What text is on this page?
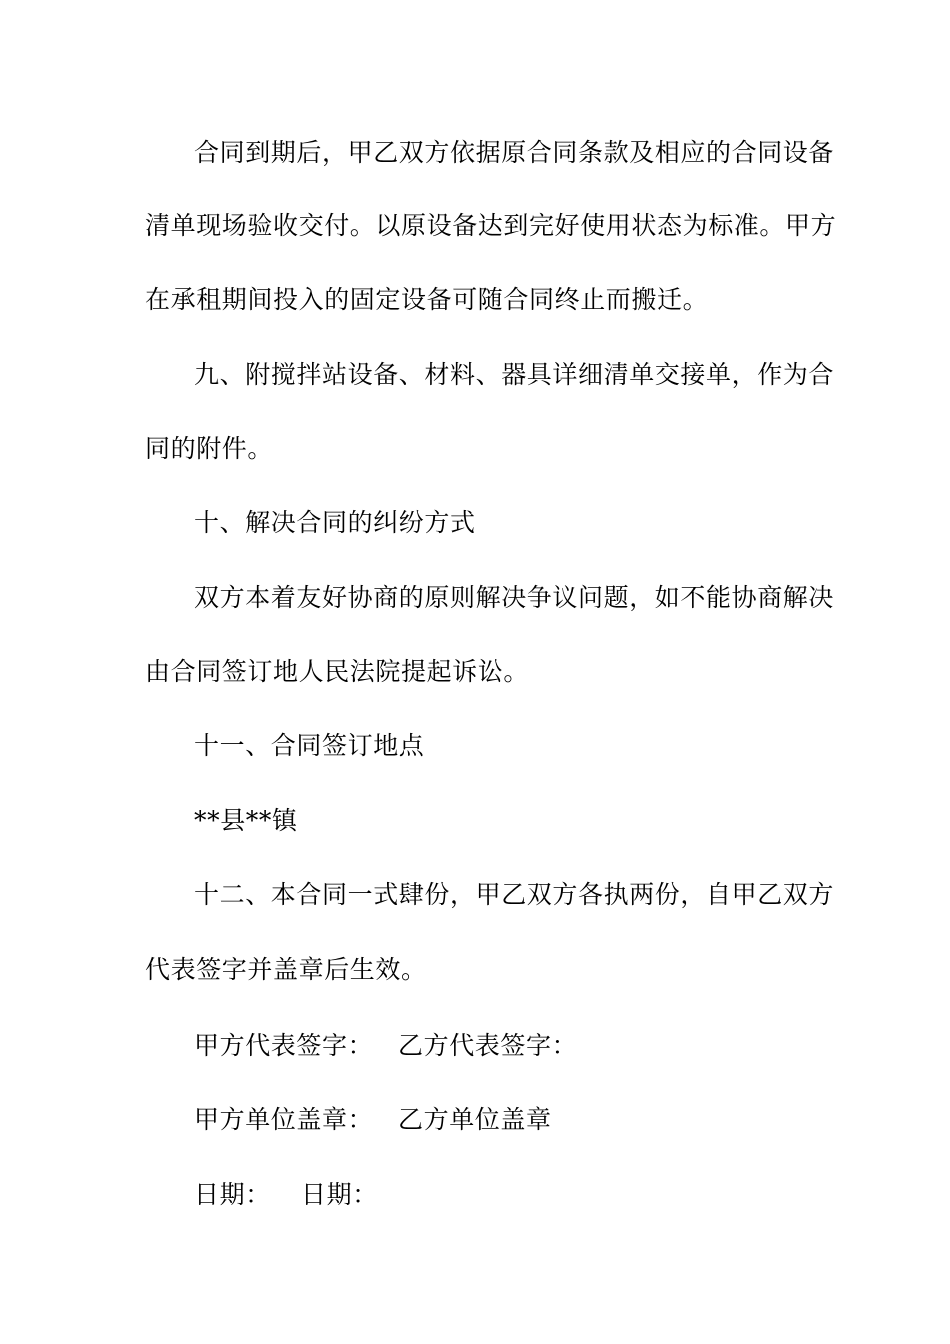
合同到期后，甲乙双方依据原合同条款及相应的合同设备
清单现场验收交付。以原设备达到完好使用状态为标准。甲方
在承租期间投入的固定设备可随合同终止而搬迁。
九、附搅拌站设备、材料、器具详细清单交接单，作为合
同的附件。
十、解决合同的纠纷方式
双方本着友好协商的原则解决争议问题，如不能协商解决
由合同签订地人民法院提起诉讼。
十一、合同签订地点
**县**镇
十二、本合同一式肆份，甲乙双方各执两份，自甲乙双方
代表签字并盖章后生效。
甲方代表签字： 乙方代表签字：
甲方单位盖章： 乙方单位盖章
日期： 日期：
